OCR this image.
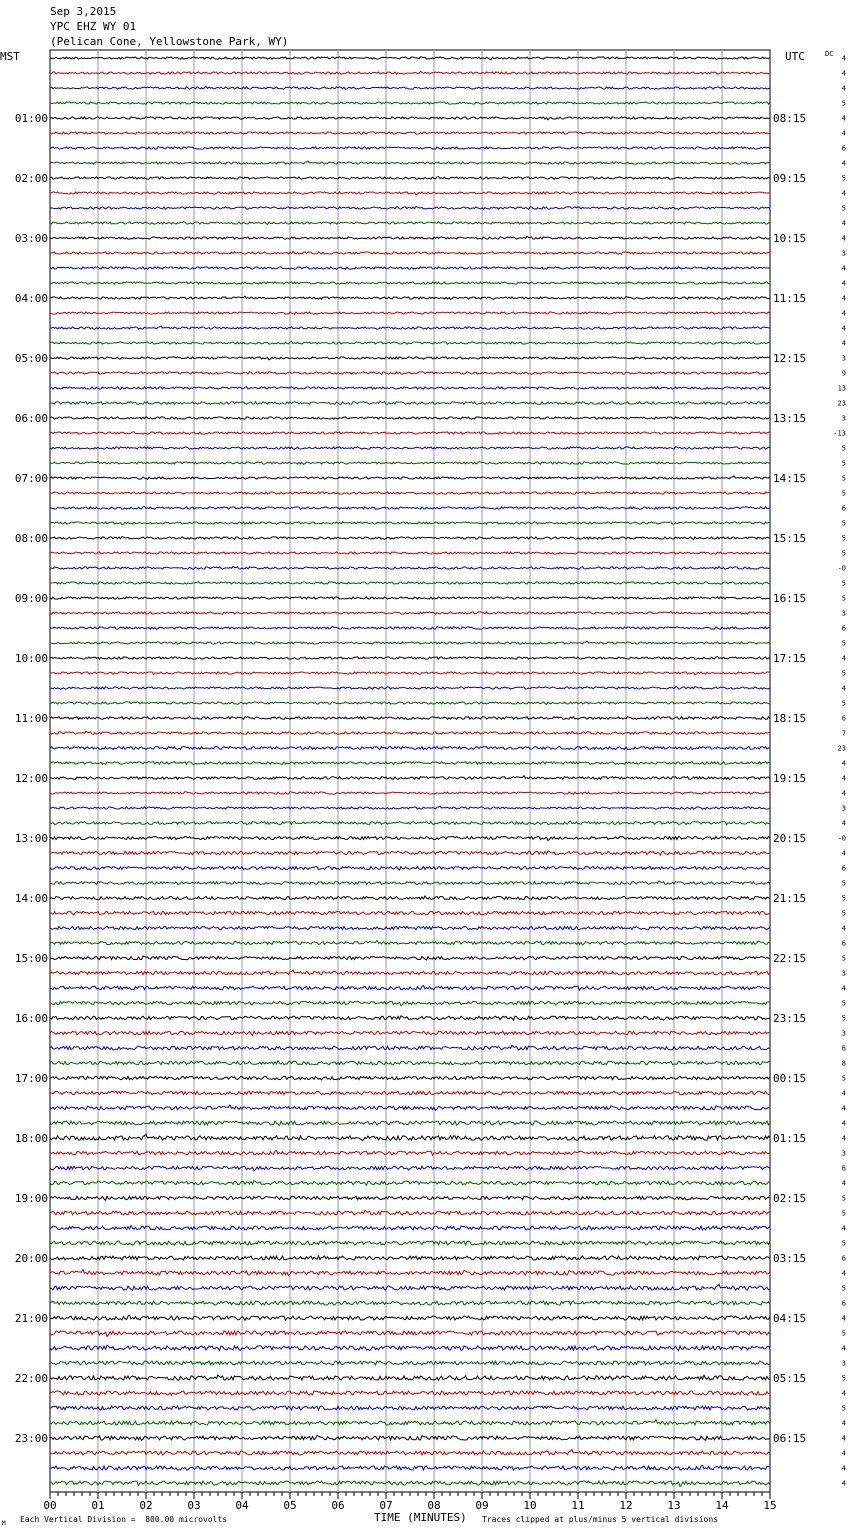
Sep 3,2015
YPC EHZ WY 01
(Pelican Cone, Yellowstone Park, WY)
MST	UTC	DC
4
4
4
5
4
4
6
4
5
4
5
4
4
3
4
4
4
4
4
4
3
9
13
23
3
-13
5
5
5
5
6
5
5
5
-0
5
5
3
6
5
4
5
4
5
6
7
23
4
4
4
3
4
-0
4
6
5
5
5
4
6
5
3
4
5
5
3
6
8
5
4
4
4
4
3
6
4
5
5
4
5
6
4
5
6
4
5
4
3
5
4
5
4
4
4
4
4
01:00
02:00
03:00
04:00
05:00
06:00
07:00
08:00
09:00
10:00
11:00
12:00
13:00
14:00
15:00
16:00
17:00
18:00
19:00
20:00
21:00
22:00
23:00
08:15
09:15
10:15
11:15
12:15
13:15
14:15
15:15
16:15
17:15
18:15
19:15
20:15
21:15
22:15
23:15
00:15
01:15
02:15
03:15
04:15
05:15
06:15
00	01	02	03	04	05	06	07	08	09	10	11	12	13	14	15
M Each Vertical Division =  800.00 microvolts	TIME (MINUTES) Traces clipped at plus/minus 5 vertical divisions
